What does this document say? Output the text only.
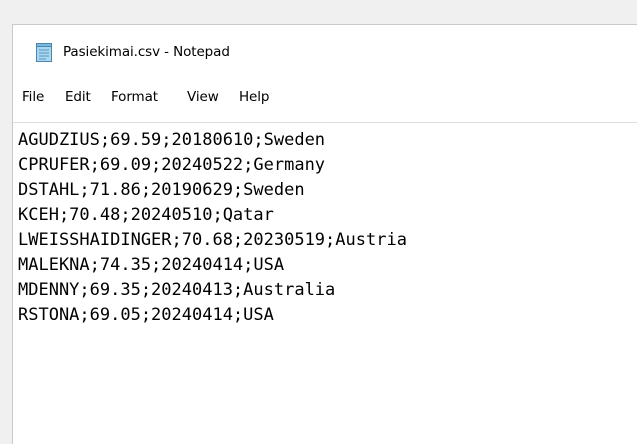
Pasiekimai.csv - Notepad
File Edit Format View Help
AGUDZIUS;69.59;20180610;Sweden
CPRUFER;69.09;20240522;Germany
DSTAHL;71.86;20190629;Sweden
KCEH;70.48;20240510;Qatar
LWEISSHAIDINGER;70.68;20230519;Austria
MALEKNA;74.35;20240414;USA
MDENNY;69.35;20240413;Australia
RSTONA;69.05;20240414;USA
